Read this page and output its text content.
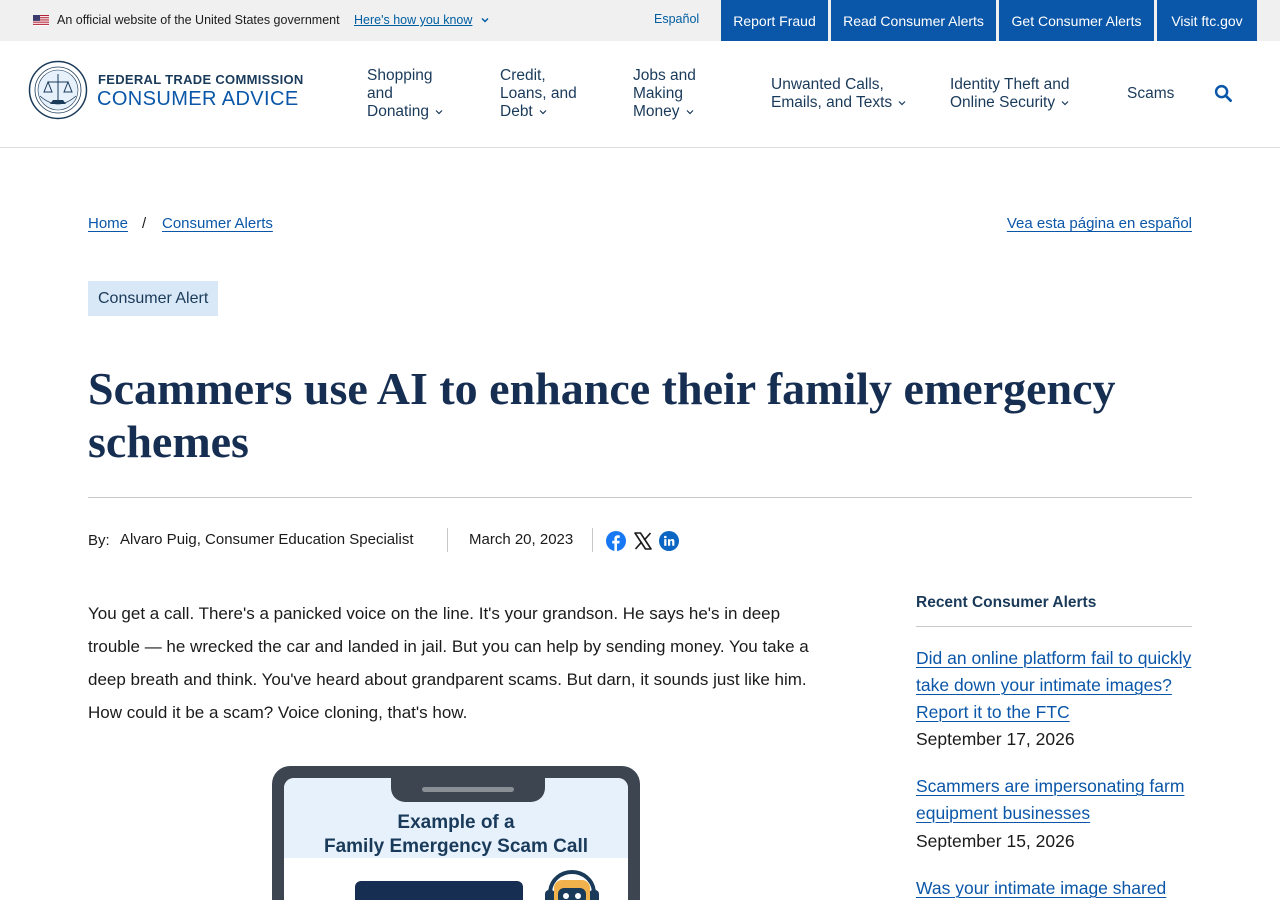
An official website of the United States government Here's how you know	Español	Report Fraud	Read Consumer Alerts	Get Consumer Alerts	Visit ftc.gov
FEDERAL TRADE COMMISSION
CONSUMER ADVICE
Shopping
and
Donating
Credit,
Loans, and
Debt
Jobs and
Making
Money
Unwanted Calls,
Emails, and Texts
Identity Theft and
Online Security
Scams
Home / Consumer Alerts	Vea esta página en español
Consumer Alert
Scammers use AI to enhance their family emergency schemes
By: Alvaro Puig, Consumer Education Specialist	March 20, 2023

You get a call. There's a panicked voice on the line. It's your grandson. He says he's in deep trouble — he wrecked the car and landed in jail. But you can help by sending money. You take a deep breath and think. You've heard about grandparent scams. But darn, it sounds just like him. How could it be a scam? Voice cloning, that's how.

Example of a
Family Emergency Scam Call
Recent Consumer Alerts
Did an online platform fail to quickly take down your intimate images? Report it to the FTC
September 17, 2026
Scammers are impersonating farm equipment businesses
September 15, 2026
Was your intimate image shared
